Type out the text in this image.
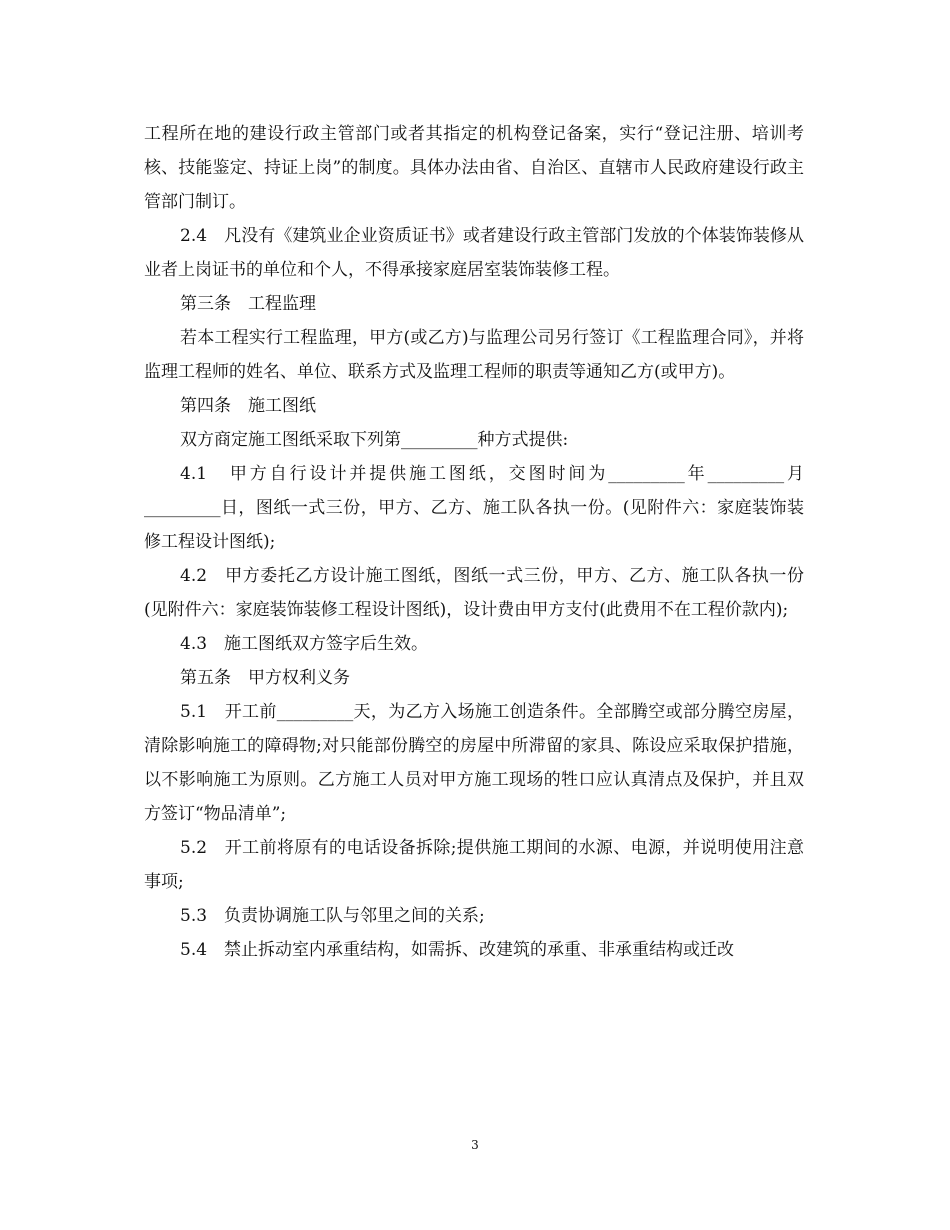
工程所在地的建设行政主管部门或者其指定的机构登记备案，实行“登记注册、培训考核、技能鉴定、持证上岗”的制度。具体办法由省、自治区、直辖市人民政府建设行政主管部门制订。

2.4　凡没有《建筑业企业资质证书》或者建设行政主管部门发放的个体装饰装修从业者上岗证书的单位和个人，不得承接家庭居室装饰装修工程。

第三条　工程监理

若本工程实行工程监理，甲方(或乙方)与监理公司另行签订《工程监理合同》，并将监理工程师的姓名、单位、联系方式及监理工程师的职责等通知乙方(或甲方)。

第四条　施工图纸

双方商定施工图纸采取下列第_________种方式提供:

4.1　甲方自行设计并提供施工图纸，交图时间为_________年_________月_________日，图纸一式三份，甲方、乙方、施工队各执一份。(见附件六：家庭装饰装修工程设计图纸);

4.2　甲方委托乙方设计施工图纸，图纸一式三份，甲方、乙方、施工队各执一份(见附件六：家庭装饰装修工程设计图纸)，设计费由甲方支付(此费用不在工程价款内);

4.3　施工图纸双方签字后生效。

第五条　甲方权利义务

5.1　开工前_________天，为乙方入场施工创造条件。全部腾空或部分腾空房屋，清除影响施工的障碍物;对只能部份腾空的房屋中所滞留的家具、陈设应采取保护措施，以不影响施工为原则。乙方施工人员对甲方施工现场的牲口应认真清点及保护，并且双方签订“物品清单”;

5.2　开工前将原有的电话设备拆除;提供施工期间的水源、电源，并说明使用注意事项;

5.3　负责协调施工队与邻里之间的关系;

5.4　禁止拆动室内承重结构，如需拆、改建筑的承重、非承重结构或迁改

3
